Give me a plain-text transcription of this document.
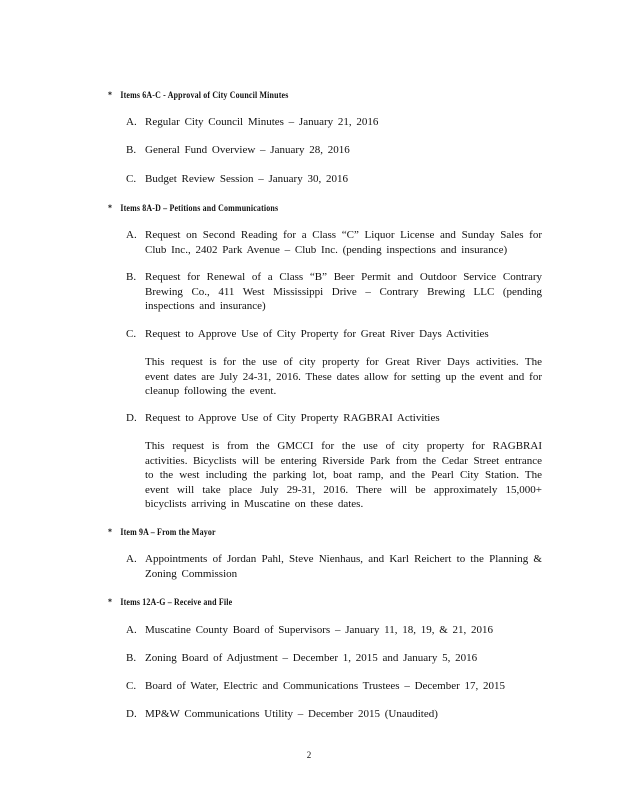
* Items 6A-C - Approval of City Council Minutes
A. Regular City Council Minutes – January 21, 2016
B. General Fund Overview – January 28, 2016
C. Budget Review Session – January 30, 2016
* Items 8A-D – Petitions and Communications
A. Request on Second Reading for a Class “C” Liquor License and Sunday Sales for Club Inc., 2402 Park Avenue – Club Inc. (pending inspections and insurance)
B. Request for Renewal of a Class “B” Beer Permit and Outdoor Service Contrary Brewing Co., 411 West Mississippi Drive – Contrary Brewing LLC (pending inspections and insurance)
C. Request to Approve Use of City Property for Great River Days Activities
This request is for the use of city property for Great River Days activities. The event dates are July 24-31, 2016. These dates allow for setting up the event and for cleanup following the event.
D. Request to Approve Use of City Property RAGBRAI Activities
This request is from the GMCCI for the use of city property for RAGBRAI activities. Bicyclists will be entering Riverside Park from the Cedar Street entrance to the west including the parking lot, boat ramp, and the Pearl City Station. The event will take place July 29-31, 2016. There will be approximately 15,000+ bicyclists arriving in Muscatine on these dates.
* Item 9A – From the Mayor
A. Appointments of Jordan Pahl, Steve Nienhaus, and Karl Reichert to the Planning & Zoning Commission
* Items 12A-G – Receive and File
A. Muscatine County Board of Supervisors – January 11, 18, 19, & 21, 2016
B. Zoning Board of Adjustment – December 1, 2015 and January 5, 2016
C. Board of Water, Electric and Communications Trustees – December 17, 2015
D. MP&W Communications Utility – December 2015 (Unaudited)
2
